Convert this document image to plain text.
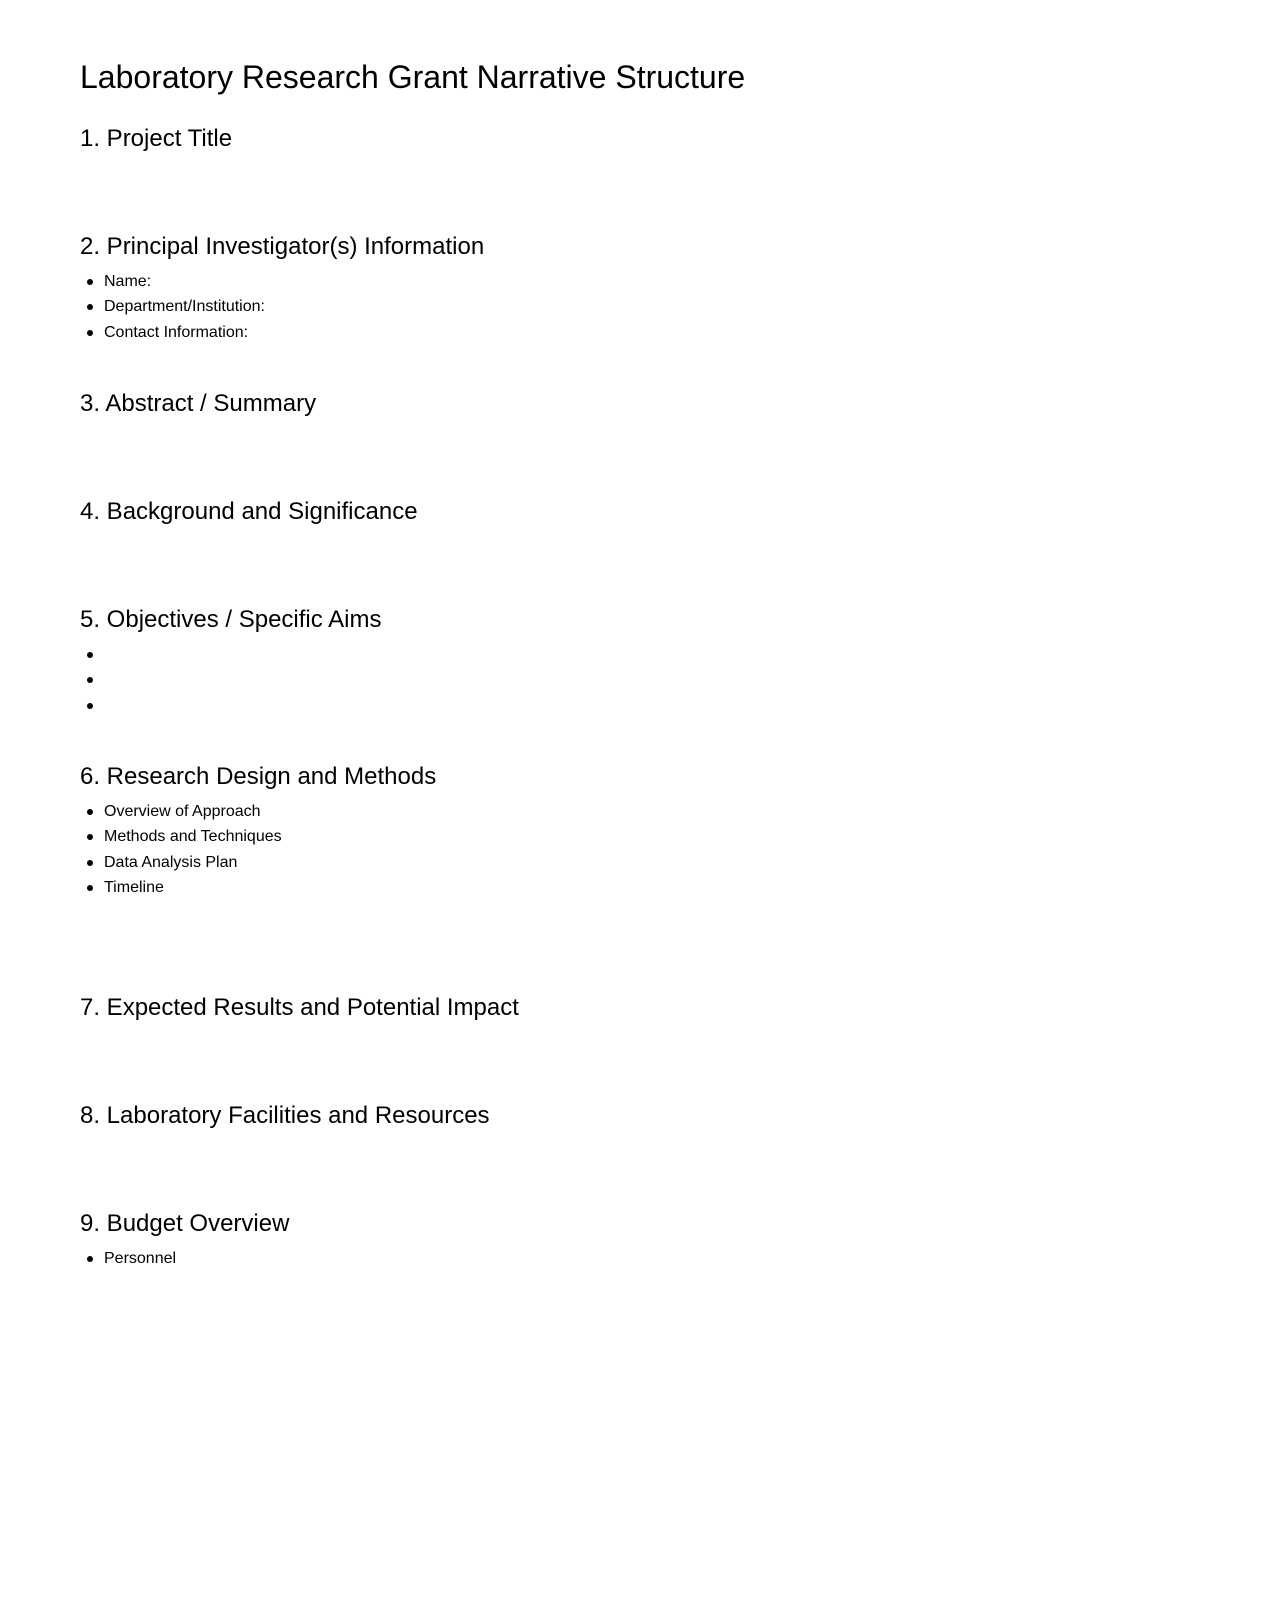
Laboratory Research Grant Narrative Structure
1. Project Title
2. Principal Investigator(s) Information
Name:
Department/Institution:
Contact Information:
3. Abstract / Summary
4. Background and Significance
5. Objectives / Specific Aims
6. Research Design and Methods
Overview of Approach
Methods and Techniques
Data Analysis Plan
Timeline
7. Expected Results and Potential Impact
8. Laboratory Facilities and Resources
9. Budget Overview
Personnel
